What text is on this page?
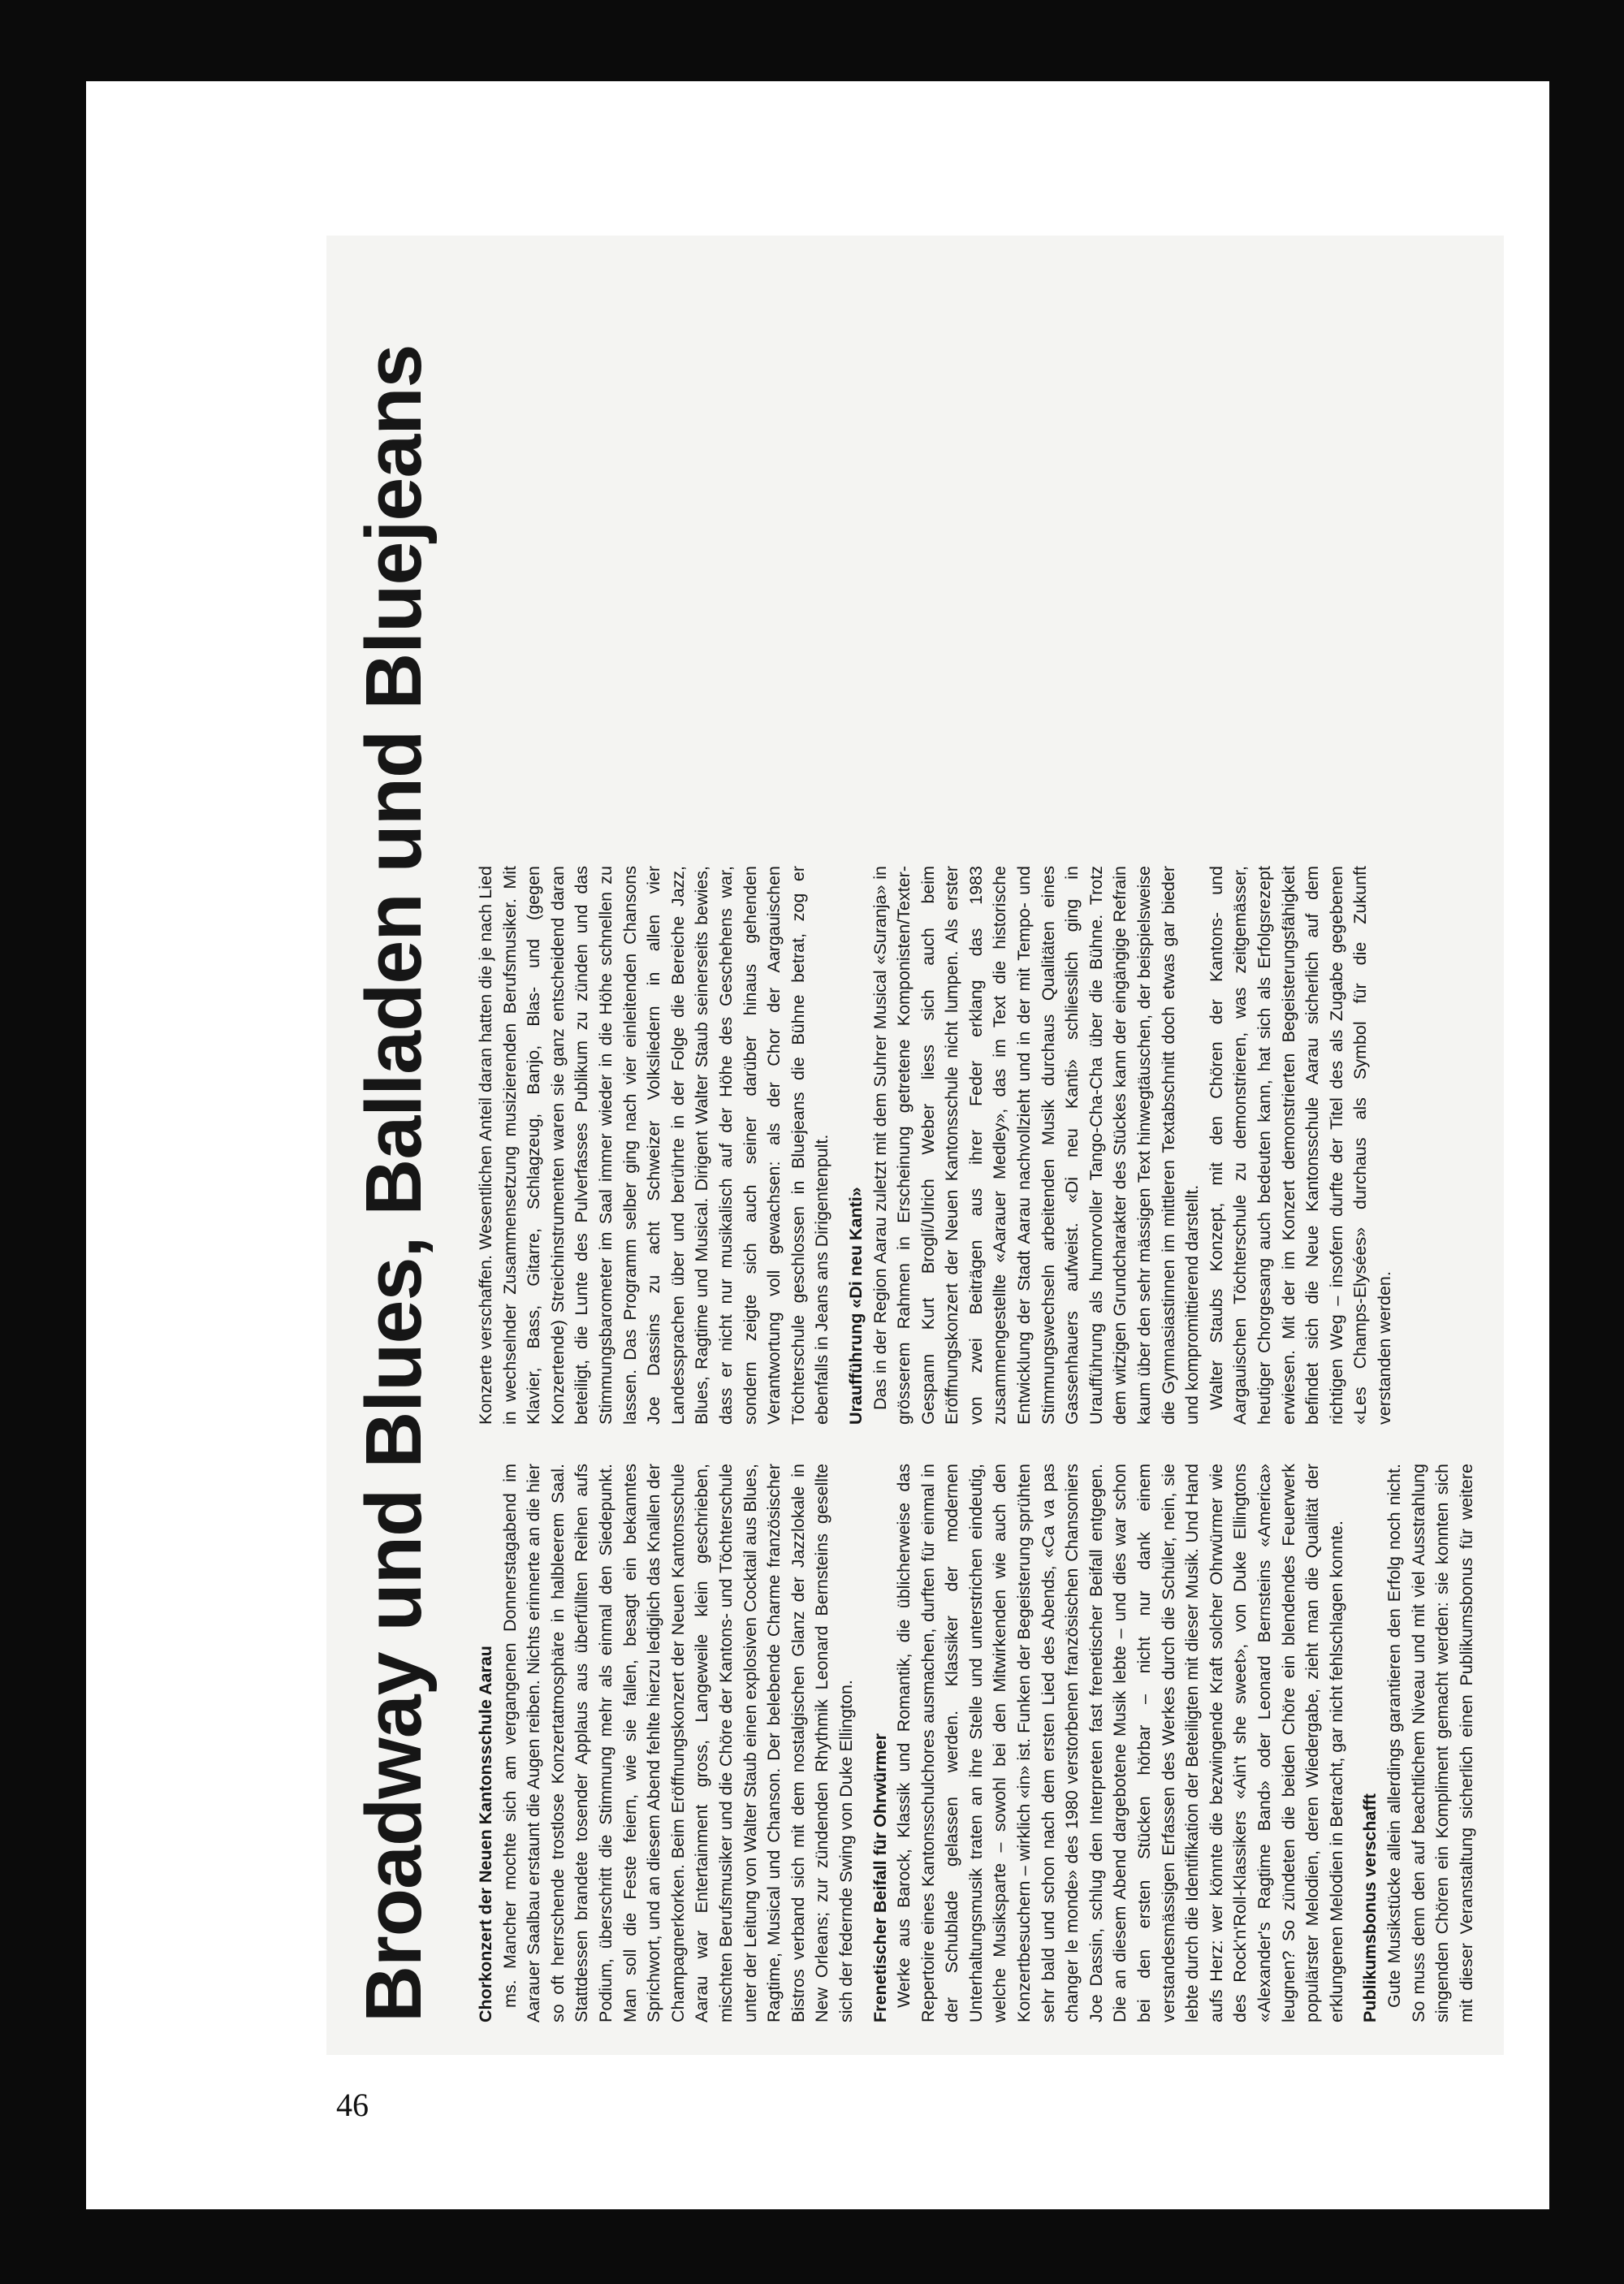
Broadway und Blues, Balladen und Bluejeans Chorkonzert der Neuen Kantonsschule Aarau ms. Mancher mochte sich am vergangenen Donnerstagabend im Aarauer Saalbau erstaunt die Augen reiben. Nichts erinnerte an die hier so oft herrschende trostlose Konzertatmosphäre in halbleerem Saal. Stattdessen brandete tosender Applaus aus überfüllten Reihen aufs Podium, überschritt die Stimmung mehr als einmal den Siedepunkt. Man soll die Feste feiern, wie sie fallen, besagt ein bekanntes Sprichwort, und an diesem Abend fehlte hierzu lediglich das Knallen der Champagnerkorken. Beim Eröffnungskonzert der Neuen Kantonsschule Aarau war Entertainment gross, Langeweile klein geschrieben, mischten Berufsmusiker und die Chöre der Kantons- und Töchterschule unter der Leitung von Walter Staub einen explosiven Cocktail aus Blues, Ragtime, Musical und Chanson. Der belebende Charme französischer Bistros verband sich mit dem nostalgischen Glanz der Jazzlokale in New Orleans; zur zündenden Rhythmik Leonard Bernsteins gesellte sich der federnde Swing von Duke Ellington. Frenetischer Beifall für Ohrwürmer Werke aus Barock, Klassik und Romantik, die üblicherweise das Repertoire eines Kantonsschulchores ausmachen, durften für einmal in der Schublade gelassen werden. Klassiker der modernen Unterhaltungsmusik traten an ihre Stelle und unterstrichen eindeutig, welche Musiksparte – sowohl bei den Mitwirkenden wie auch den Konzertbesuchern – wirklich «in» ist. Funken der Begeisterung sprühten sehr bald und schon nach dem ersten Lied des Abends, «Ca va pas changer le monde» des 1980 verstorbenen französischen Chansoniers Joe Dassin, schlug den Interpreten fast frenetischer Beifall entgegen. Die an diesem Abend dargebotene Musik lebte – und dies war schon bei den ersten Stücken hörbar – nicht nur dank einem verstandesmässigen Erfassen des Werkes durch die Schüler, nein, sie lebte durch die Identifikation der Beteiligten mit dieser Musik. Und Hand aufs Herz: wer könnte die bezwingende Kraft solcher Ohrwürmer wie des Rock'n'Roll-Klassikers «Ain't she sweet», von Duke Ellingtons «Alexander's Ragtime Band» oder Leonard Bernsteins «America» leugnen? So zündeten die beiden Chöre ein blendendes Feuerwerk populärster Melodien, deren Wiedergabe, zieht man die Qualität der erklungenen Melodien in Betracht, gar nicht fehlschlagen konnte. Publikumsbonus verschafft Gute Musikstücke allein allerdings garantieren den Erfolg noch nicht. So muss denn den auf beachtlichem Niveau und mit viel Ausstrahlung singenden Chören ein Kompliment gemacht werden: sie konnten sich mit dieser Veranstaltung sicherlich einen Publikumsbonus für weitere Konzerte verschaffen. Wesentlichen Anteil daran hatten die je nach Lied in wechselnder Zusammensetzung musizierenden Berufsmusiker. Mit Klavier, Bass, Gitarre, Schlagzeug, Banjo, Blas- und (gegen Konzertende) Streichinstrumenten waren sie ganz entscheidend daran beteiligt, die Lunte des Pulverfasses Publikum zu zünden und das Stimmungsbarometer im Saal immer wieder in die Höhe schnellen zu lassen. Das Programm selber ging nach vier einleitenden Chansons Joe Dassins zu acht Schweizer Volksliedern in allen vier Landessprachen über und berührte in der Folge die Bereiche Jazz, Blues, Ragtime und Musical. Dirigent Walter Staub seinerseits bewies, dass er nicht nur musikalisch auf der Höhe des Geschehens war, sondern zeigte sich auch seiner darüber hinaus gehenden Verantwortung voll gewachsen: als der Chor der Aargauischen Töchterschule geschlossen in Bluejeans die Bühne betrat, zog er ebenfalls in Jeans ans Dirigentenpult. Uraufführung «Di neu Kanti» Das in der Region Aarau zuletzt mit dem Suhrer Musical «Suranja» in grösserem Rahmen in Erscheinung getretene Komponisten/Texter-Gespann Kurt Broglí/Ulrich Weber liess sich auch beim Eröffnungskonzert der Neuen Kantonsschule nicht lumpen. Als erster von zwei Beiträgen aus ihrer Feder erklang das 1983 zusammengestellte «Aarauer Medley», das im Text die historische Entwicklung der Stadt Aarau nachvollzieht und in der mit Tempo- und Stimmungswechseln arbeitenden Musik durchaus Qualitäten eines Gassenhauers aufweist. «Di neu Kanti» schliesslich ging in Uraufführung als humorvoller Tango-Cha-Cha über die Bühne. Trotz dem witzigen Grundcharakter des Stückes kann der eingängige Refrain kaum über den sehr mässigen Text hinwegtäuschen, der beispielsweise die Gymnasiastinnen im mittleren Textabschnitt doch etwas gar bieder und kompromittierend darstellt. Walter Staubs Konzept, mit den Chören der Kantons- und Aargauischen Töchterschule zu demonstrieren, was zeitgemässer, heutiger Chorgesang auch bedeuten kann, hat sich als Erfolgsrezept erwiesen. Mit der im Konzert demonstrierten Begeisterungsfähigkeit befindet sich die Neue Kantonsschule Aarau sicherlich auf dem richtigen Weg – insofern durfte der Titel des als Zugabe gegebenen «Les Champs-Elysées» durchaus als Symbol für die Zukunft verstanden werden.

46
